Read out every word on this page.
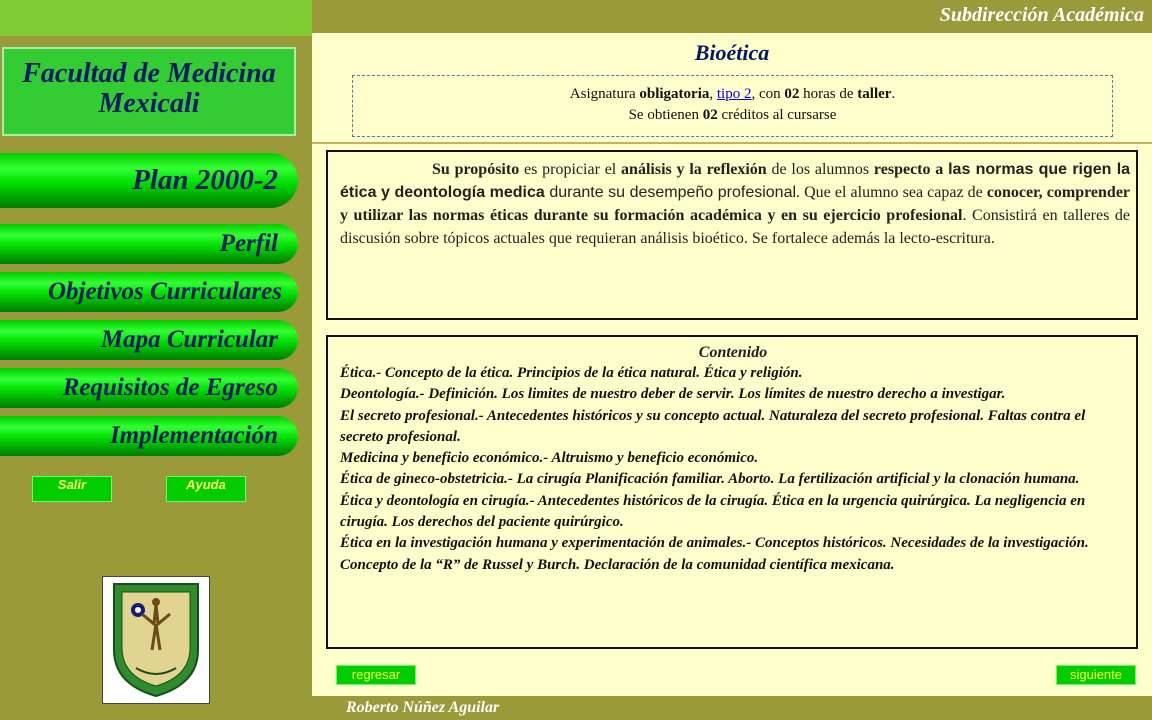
Facultad de Medicina
Mexicali
Plan 2000-2
Perfil
Objetivos Curriculares
Mapa Curricular
Requisitos de Egreso
Implementación
Salir	Ayuda
Subdirección Académica
Roberto Núñez Aguilar
Bioética
Asignatura obligatoria, tipo 2, con 02 horas de taller.
Se obtienen 02 créditos al cursarse
Su propósito es propiciar el análisis y la reflexión de los alumnos respecto a las normas que rigen la ética y deontología medica durante su desempeño profesional. Que el alumno sea capaz de conocer, comprender y utilizar las normas éticas durante su formación académica y en su ejercicio profesional. Consistirá en talleres de discusión sobre tópicos actuales que requieran análisis bioético. Se fortalece además la lecto-escritura.
Contenido
Ética.- Concepto de la ética. Principios de la ética natural. Ética y religión.
Deontología.- Definición. Los limites de nuestro deber de servir. Los límites de nuestro derecho a investigar.
El secreto profesional.- Antecedentes históricos y su concepto actual. Naturaleza del secreto profesional. Faltas contra el secreto profesional.
Medicina y beneficio económico.- Altruismo y beneficio económico.
Ética de gineco-obstetricia.- La cirugía Planificación familiar. Aborto. La fertilización artificial y la clonación humana.
Ética y deontología en cirugía.- Antecedentes históricos de la cirugía. Ética en la urgencia quirúrgica. La negligencia en cirugía. Los derechos del paciente quirúrgico.
Ética en la investigación humana y experimentación de animales.- Conceptos históricos. Necesidades de la investigación. Concepto de la “R” de Russel y Burch. Declaración de la comunidad científica mexicana.
regresar	siguiente
